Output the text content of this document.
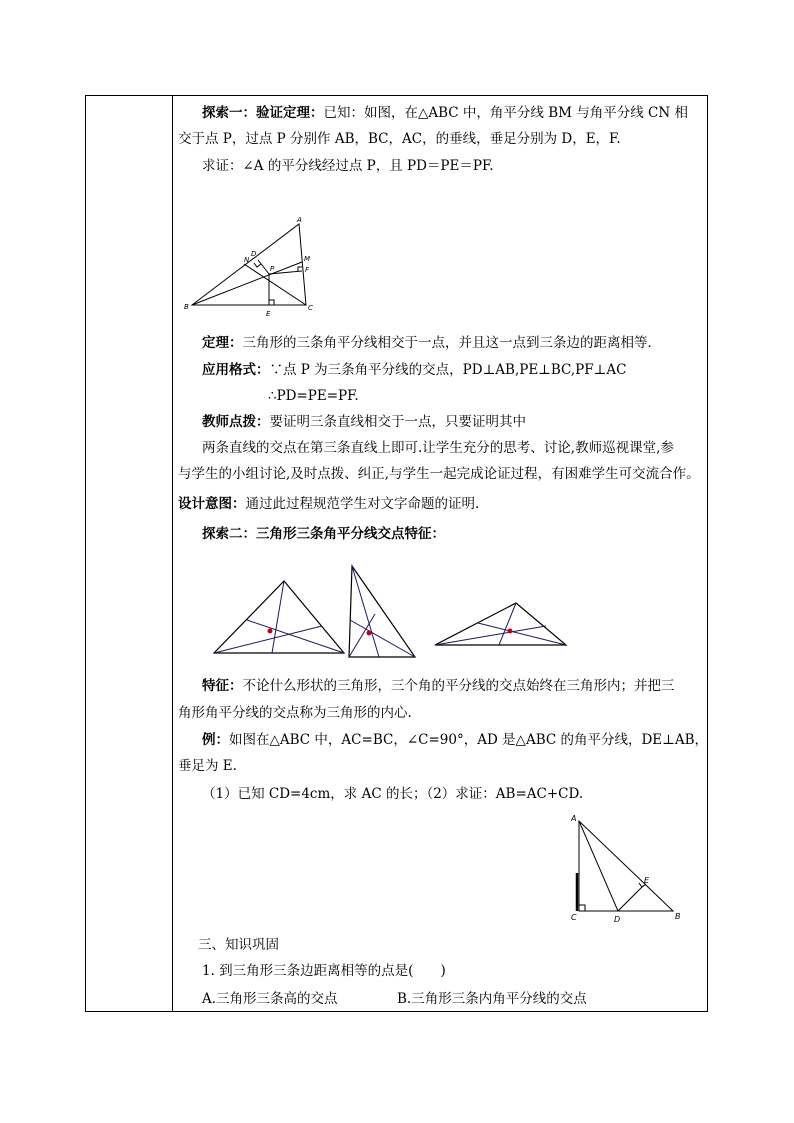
探索一：验证定理：已知：如图，在△ABC 中，角平分线 BM 与角平分线 CN 相
交于点 P，过点 P 分别作 AB，BC，AC，的垂线，垂足分别为 D，E，F.
求证：∠A 的平分线经过点 P，且 PD＝PE＝PF.
A
B	C
D
E
F
M
N
P
定理：三角形的三条角平分线相交于一点，并且这一点到三条边的距离相等．
应用格式：∵点 P 为三条角平分线的交点，PD⊥AB,PE⊥BC,PF⊥AC
∴PD=PE=PF.
教师点拨：要证明三条直线相交于一点，只要证明其中
两条直线的交点在第三条直线上即可.让学生充分的思考、讨论,教师巡视课堂,参
与学生的小组讨论,及时点拨、纠正,与学生一起完成论证过程，有困难学生可交流合作。
设计意图：通过此过程规范学生对文字命题的证明.
探索二：三角形三条角平分线交点特征：
特征：不论什么形状的三角形，三个角的平分线的交点始终在三角形内；并把三
角形角平分线的交点称为三角形的内心.
例：如图在△ABC 中，AC=BC，∠C=90°，AD 是△ABC 的角平分线，DE⊥AB，
垂足为 E.
（1）已知 CD=4cm，求 AC 的长；（2）求证：AB=AC+CD.
A
C	D
E
B
三、知识巩固
1. 到三角形三条边距离相等的点是(　　)
A.三角形三条高的交点	B.三角形三条内角平分线的交点
